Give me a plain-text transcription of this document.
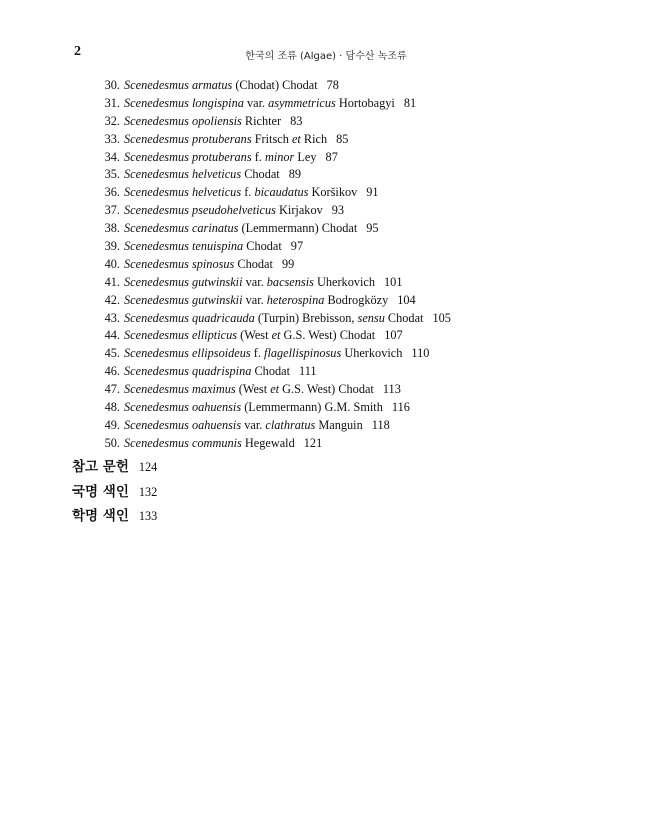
2	한국의 조류 (Algae) · 담수산 녹조류
30. Scenedesmus armatus (Chodat) Chodat 78
31. Scenedesmus longispina var. asymmetricus Hortobagyi 81
32. Scenedesmus opoliensis Richter 83
33. Scenedesmus protuberans Fritsch et Rich 85
34. Scenedesmus protuberans f. minor Ley 87
35. Scenedesmus helveticus Chodat 89
36. Scenedesmus helveticus f. bicaudatus Koršikov 91
37. Scenedesmus pseudohelveticus Kirjakov 93
38. Scenedesmus carinatus (Lemmermann) Chodat 95
39. Scenedesmus tenuispina Chodat 97
40. Scenedesmus spinosus Chodat 99
41. Scenedesmus gutwinskii var. bacsensis Uherkovich 101
42. Scenedesmus gutwinskii var. heterospina Bodrogközy 104
43. Scenedesmus quadricauda (Turpin) Brebisson, sensu Chodat 105
44. Scenedesmus ellipticus (West et G.S. West) Chodat 107
45. Scenedesmus ellipsoideus f. flagellispinosus Uherkovich 110
46. Scenedesmus quadrispina Chodat 111
47. Scenedesmus maximus (West et G.S. West) Chodat 113
48. Scenedesmus oahuensis (Lemmermann) G.M. Smith 116
49. Scenedesmus oahuensis var. clathratus Manguin 118
50. Scenedesmus communis Hegewald 121
참고 문헌 124
국명 색인 132
학명 색인 133
